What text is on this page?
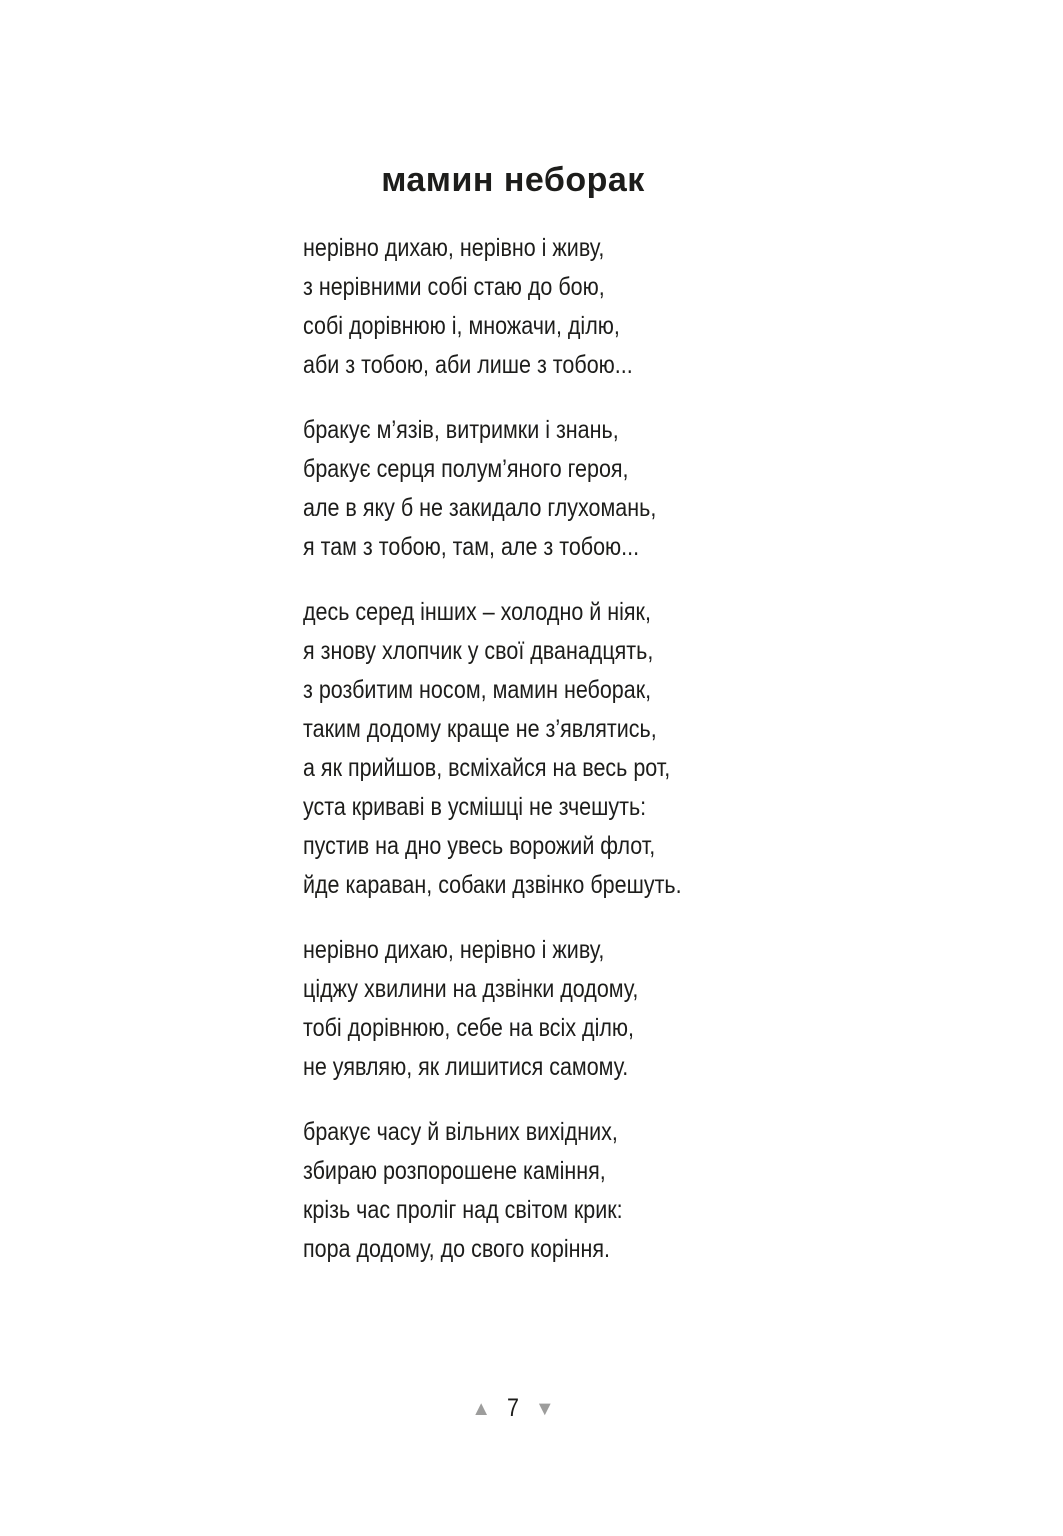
мамин неборак
нерівно дихаю, нерівно і живу,
з нерівними собі стаю до бою,
собі дорівнюю і, множачи, ділю,
аби з тобою, аби лише з тобою...
бракує м’язів, витримки і знань,
бракує серця полум’яного героя,
але в яку б не закидало глухомань,
я там з тобою, там, але з тобою...
десь серед інших – холодно й ніяк,
я знову хлопчик у свої дванадцять,
з розбитим носом, мамин неборак,
таким додому краще не з’являтись,
а як прийшов, всміхайся на весь рот,
уста криваві в усмішці не зчешуть:
пустив на дно увесь ворожий флот,
йде караван, собаки дзвінко брешуть.
нерівно дихаю, нерівно і живу,
ціджу хвилини на дзвінки додому,
тобі дорівнюю, себе на всіх ділю,
не уявляю, як лишитися самому.
бракує часу й вільних вихідних,
збираю розпорошене каміння,
крізь час проліг над світом крик:
пора додому, до свого коріння.
▲ 7 ▼
